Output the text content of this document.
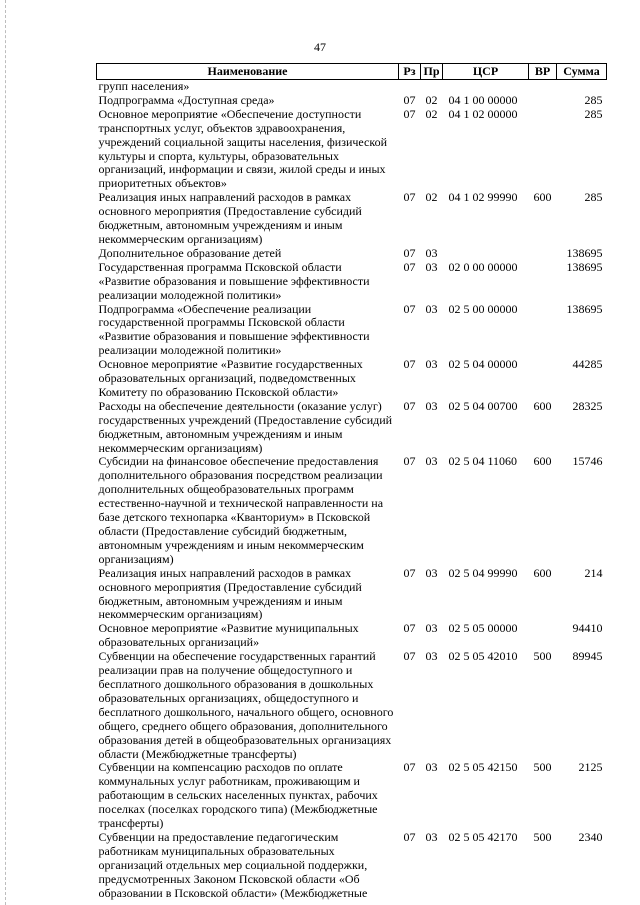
47
Наименование	Рз	Пр	ЦСР	ВР	Сумма
групп населения»					
Подпрограмма «Доступная среда»	07	02	04 1 00 00000		285
Основное мероприятие «Обеспечение доступности транспортных услуг, объектов здравоохранения, учреждений социальной защиты населения, физической культуры и спорта, культуры, образовательных организаций, информации и связи, жилой среды и иных приоритетных объектов»	07	02	04 1 02 00000		285
Реализация иных направлений расходов в рамках основного мероприятия (Предоставление субсидий бюджетным, автономным учреждениям и иным некоммерческим организациям)	07	02	04 1 02 99990	600	285
Дополнительное образование детей	07	03			138695
Государственная программа Псковской области «Развитие образования и повышение эффективности реализации молодежной политики»	07	03	02 0 00 00000		138695
Подпрограмма «Обеспечение реализации государственной программы Псковской области «Развитие образования и повышение эффективности реализации молодежной политики»	07	03	02 5 00 00000		138695
Основное мероприятие «Развитие государственных образовательных организаций, подведомственных Комитету по образованию Псковской области»	07	03	02 5 04 00000		44285
Расходы на обеспечение деятельности (оказание услуг) государственных учреждений (Предоставление субсидий бюджетным, автономным учреждениям и иным некоммерческим организациям)	07	03	02 5 04 00700	600	28325
Субсидии на финансовое обеспечение предоставления дополнительного образования посредством реализации дополнительных общеобразовательных программ естественно-научной и технической направленности на базе детского технопарка «Кванториум» в Псковской области (Предоставление субсидий бюджетным, автономным учреждениям и иным некоммерческим организациям)	07	03	02 5 04 11060	600	15746
Реализация иных направлений расходов в рамках основного мероприятия (Предоставление субсидий бюджетным, автономным учреждениям и иным некоммерческим организациям)	07	03	02 5 04 99990	600	214
Основное мероприятие «Развитие муниципальных образовательных организаций»	07	03	02 5 05 00000		94410
Субвенции на обеспечение государственных гарантий реализации прав на получение общедоступного и бесплатного дошкольного образования в дошкольных образовательных организациях, общедоступного и бесплатного дошкольного, начального общего, основного общего, среднего общего образования, дополнительного образования детей в общеобразовательных организациях области (Межбюджетные трансферты)	07	03	02 5 05 42010	500	89945
Субвенции на компенсацию расходов по оплате коммунальных услуг работникам, проживающим и работающим в сельских населенных пунктах, рабочих поселках (поселках городского типа) (Межбюджетные трансферты)	07	03	02 5 05 42150	500	2125
Субвенции на предоставление педагогическим работникам муниципальных образовательных организаций отдельных мер социальной поддержки, предусмотренных Законом Псковской области «Об образовании в Псковской области» (Межбюджетные	07	03	02 5 05 42170	500	2340
